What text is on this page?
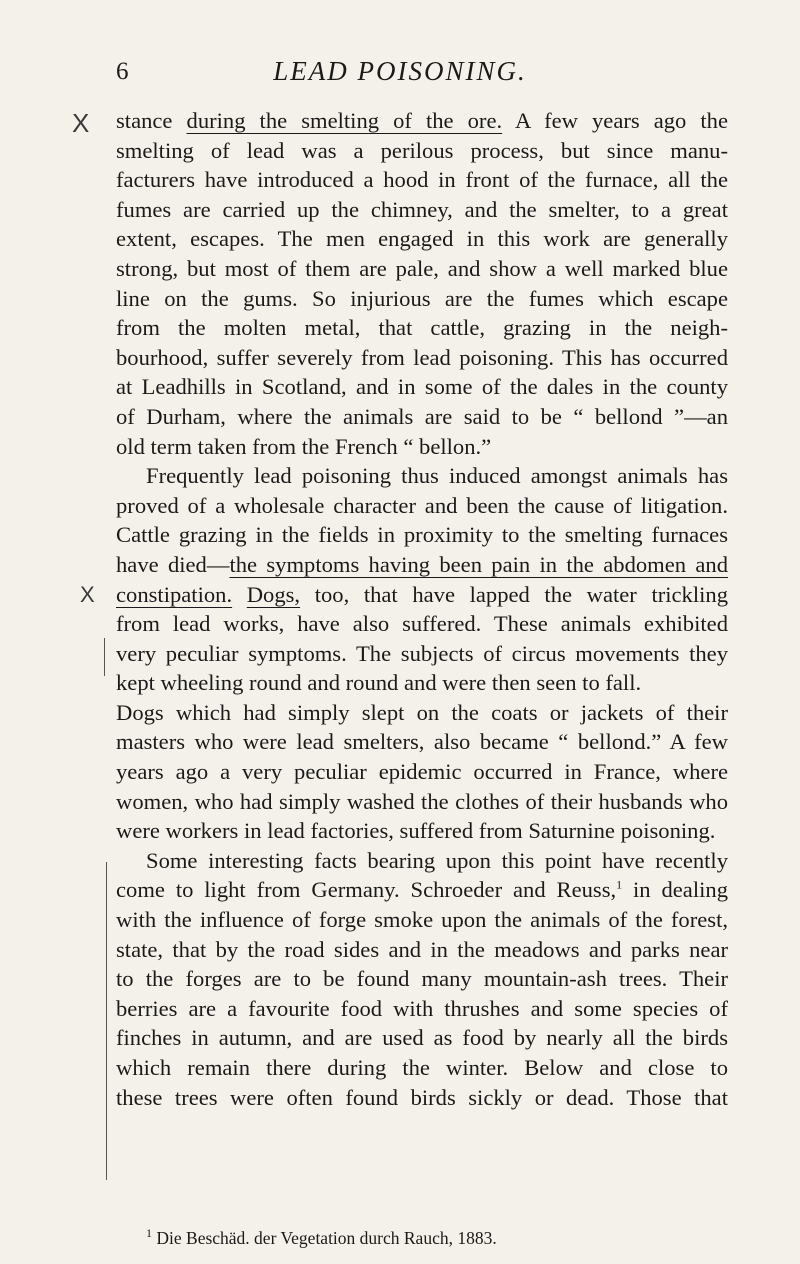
6	LEAD POISONING.
X
X
stance during the smelting of the ore. A few years ago the
smelting of lead was a perilous process, but since manu-
facturers have introduced a hood in front of the furnace, all the
fumes are carried up the chimney, and the smelter, to a great
extent, escapes. The men engaged in this work are generally
strong, but most of them are pale, and show a well marked blue
line on the gums. So injurious are the fumes which escape
from the molten metal, that cattle, grazing in the neigh-
bourhood, suffer severely from lead poisoning. This has occurred
at Leadhills in Scotland, and in some of the dales in the county
of Durham, where the animals are said to be “ bellond ”—an
old term taken from the French “ bellon.”
Frequently lead poisoning thus induced amongst animals has
proved of a wholesale character and been the cause of litigation.
Cattle grazing in the fields in proximity to the smelting furnaces
have died—the symptoms having been pain in the abdomen and
constipation. Dogs, too, that have lapped the water trickling
from lead works, have also suffered. These animals exhibited
very peculiar symptoms. The subjects of circus movements they
kept wheeling round and round and were then seen to fall.
Dogs which had simply slept on the coats or jackets of their
masters who were lead smelters, also became “ bellond.” A few
years ago a very peculiar epidemic occurred in France, where
women, who had simply washed the clothes of their husbands who
were workers in lead factories, suffered from Saturnine poisoning.
Some interesting facts bearing upon this point have recently
come to light from Germany. Schroeder and Reuss,$^1$ in dealing
with the influence of forge smoke upon the animals of the forest,
state, that by the road sides and in the meadows and parks near
to the forges are to be found many mountain-ash trees. Their
berries are a favourite food with thrushes and some species of
finches in autumn, and are used as food by nearly all the birds
which remain there during the winter. Below and close to
these trees were often found birds sickly or dead. Those that
$^1$ Die Beschäd. der Vegetation durch Rauch, 1883.
